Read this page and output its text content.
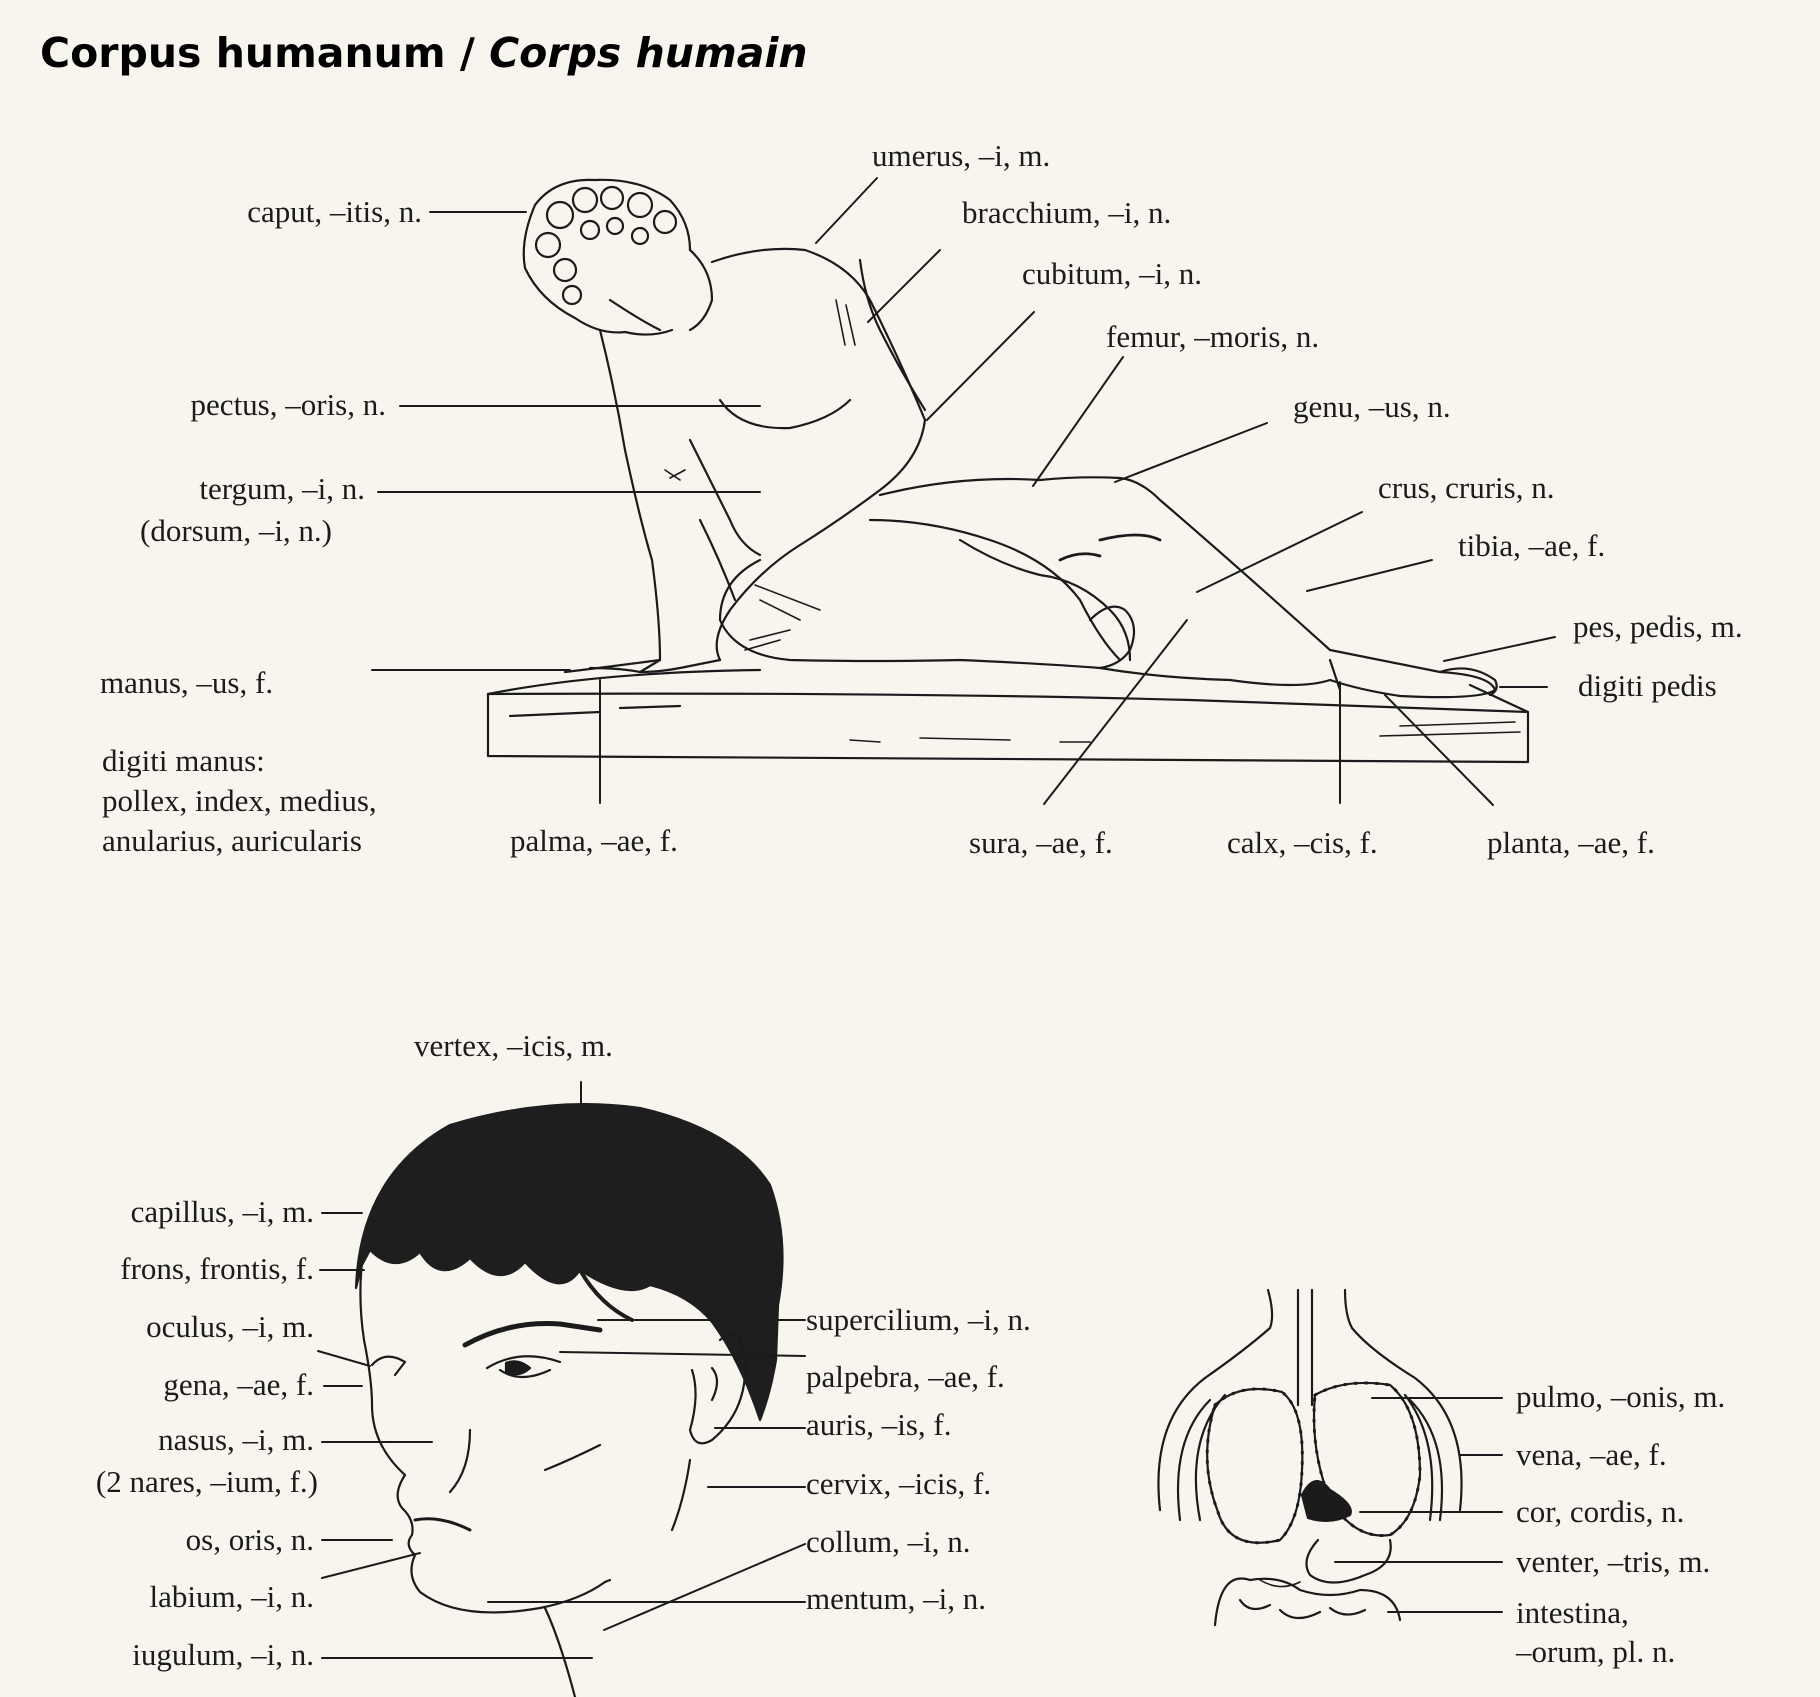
Corpus humanum / Corps humain
caput, –itis, n.
pectus, –oris, n.
tergum, –i, n.
(dorsum, –i, n.)
manus, –us, f.
digiti manus:
pollex, index, medius,
anularius, auricularis	palma, –ae, f.
umerus, –i, m.
bracchium, –i, n.
cubitum, –i, n.
femur, –moris, n.
genu, –us, n.
crus, cruris, n.
tibia, –ae, f.
pes, pedis, m.
digiti pedis
sura, –ae, f.	calx, –cis, f.	planta, –ae, f.
vertex, –icis, m.
capillus, –i, m.
frons, frontis, f.
oculus, –i, m.
gena, –ae, f.
nasus, –i, m.
(2 nares, –ium, f.)
os, oris, n.
labium, –i, n.
iugulum, –i, n.
supercilium, –i, n.
palpebra, –ae, f.
auris, –is, f.
cervix, –icis, f.
collum, –i, n.
mentum, –i, n.
pulmo, –onis, m.
vena, –ae, f.
cor, cordis, n.
venter, –tris, m.
intestina,
–orum, pl. n.
